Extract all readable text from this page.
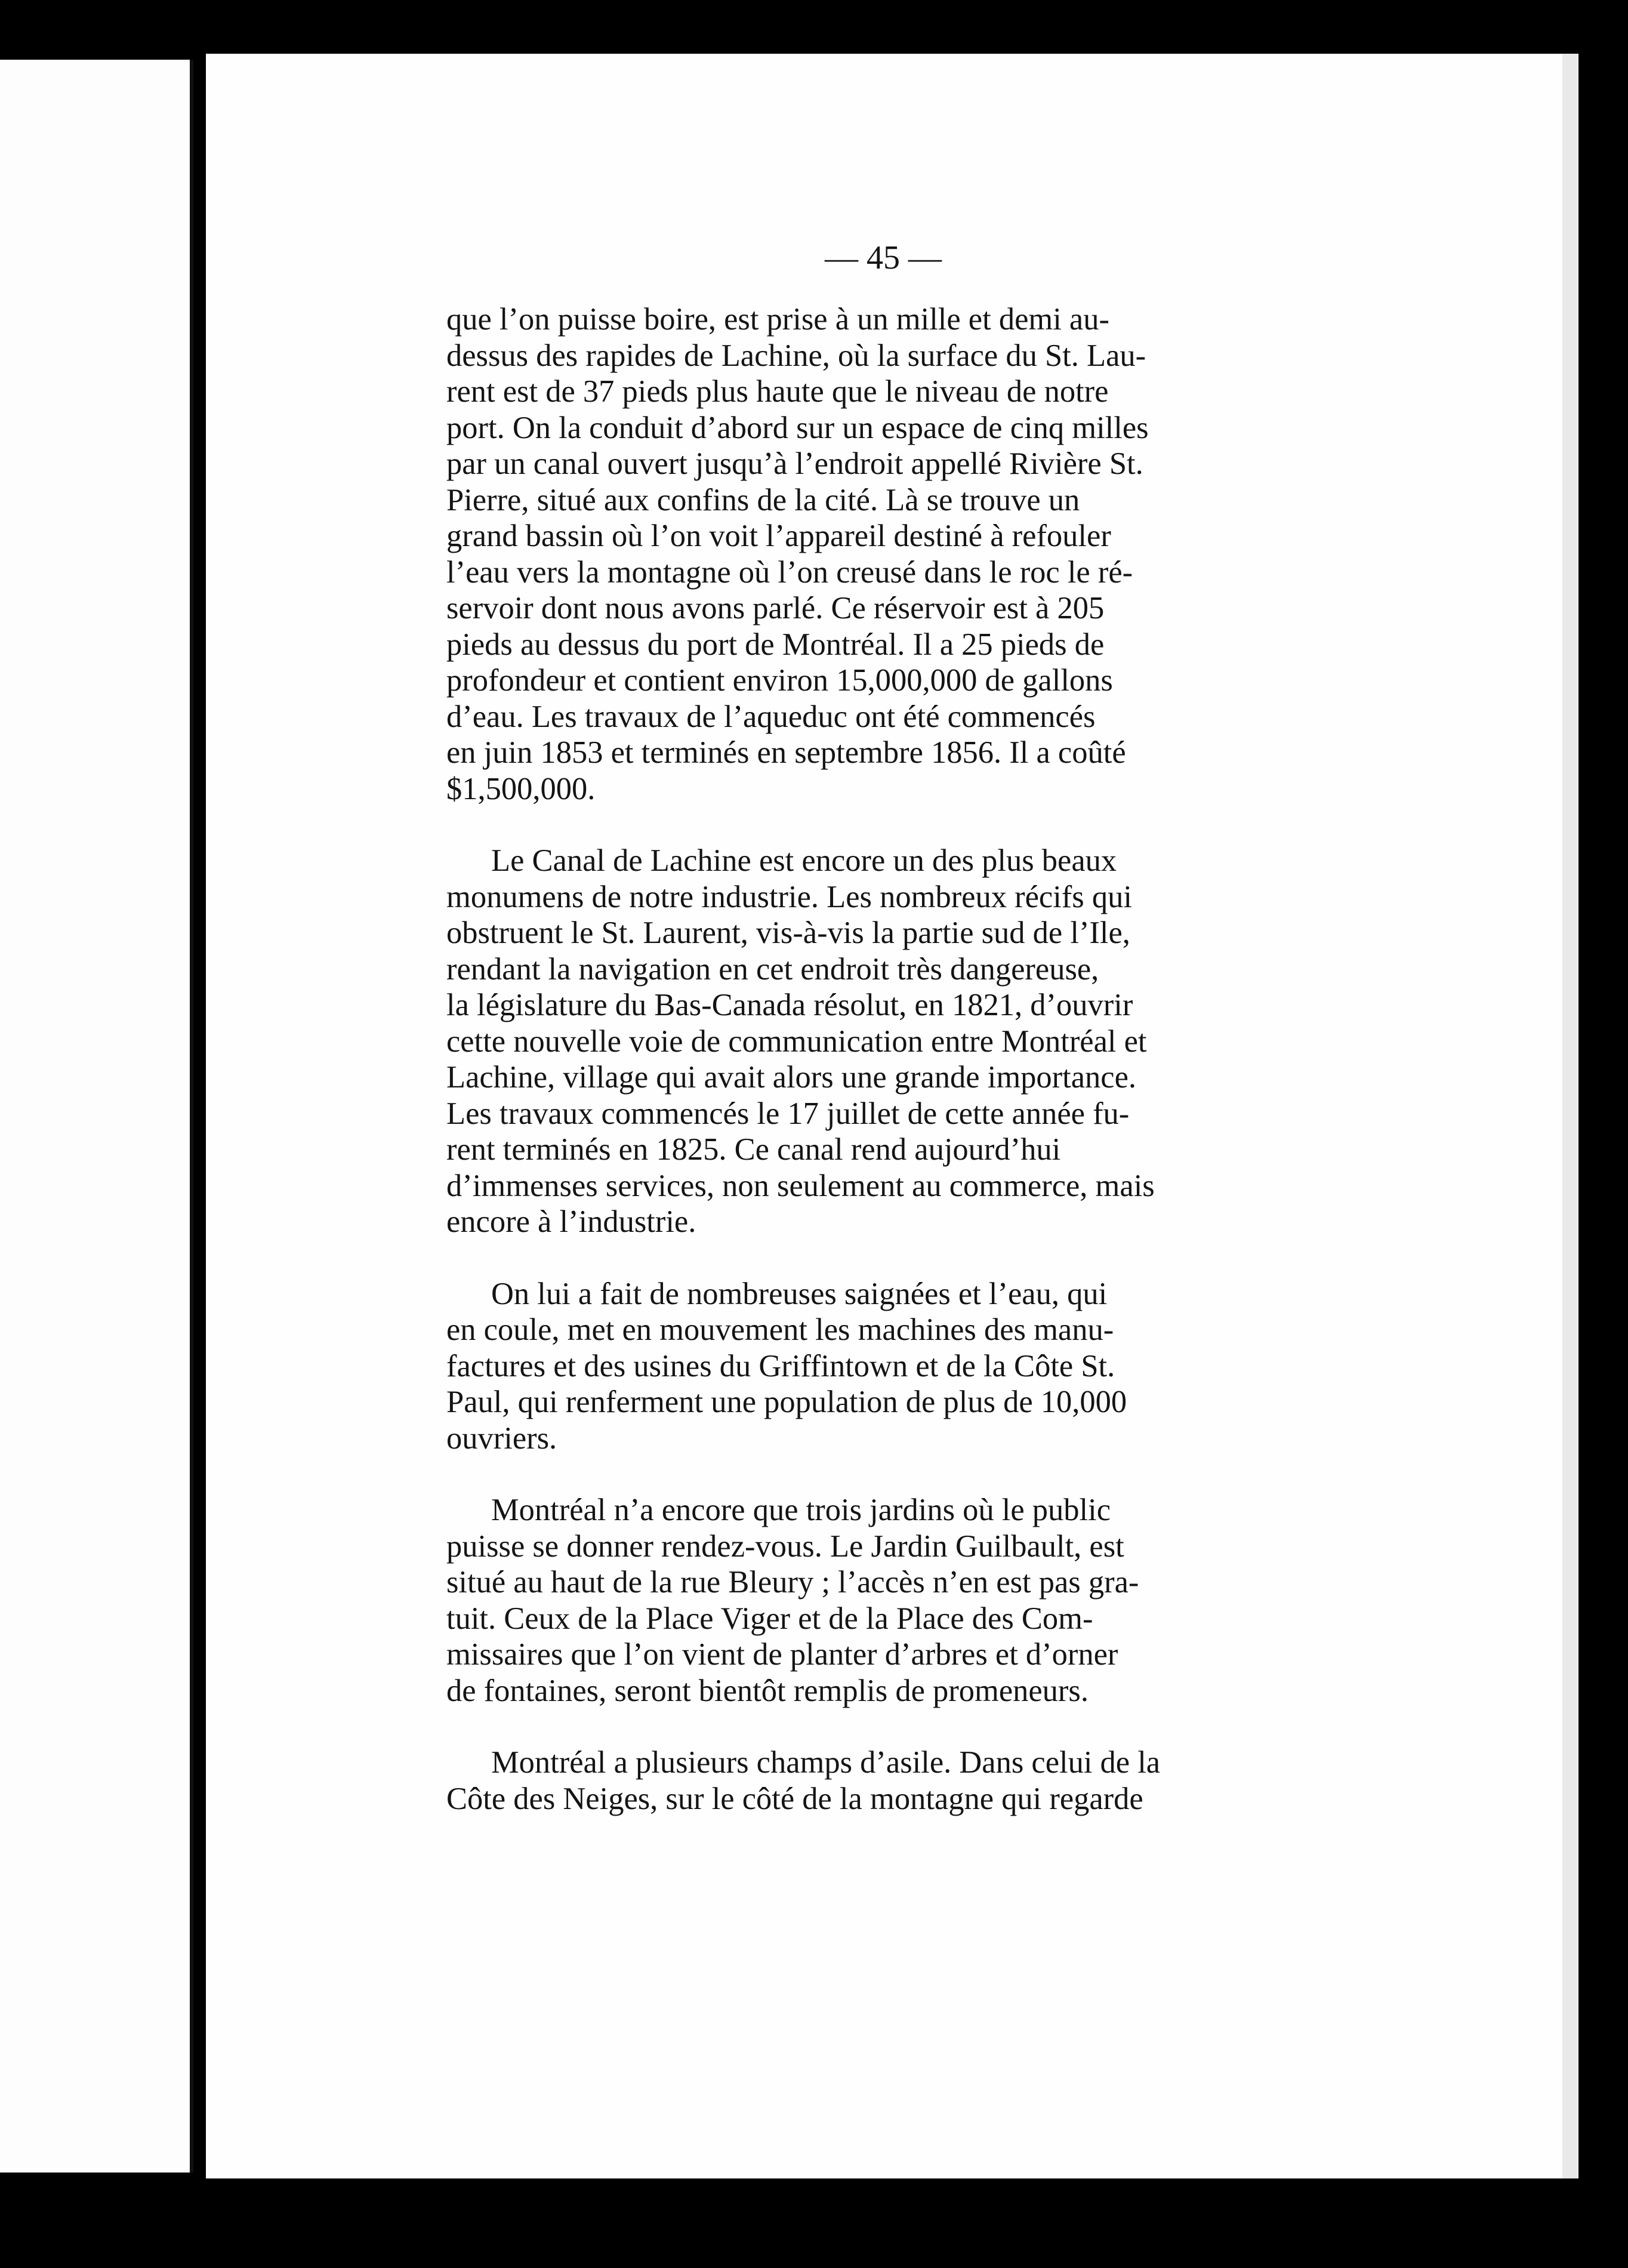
— 45 —

que l’on puisse boire, est prise à un mille et demi au-
dessus des rapides de Lachine, où la surface du St. Lau-
rent est de 37 pieds plus haute que le niveau de notre
port. On la conduit d’abord sur un espace de cinq milles
par un canal ouvert jusqu’à l’endroit appellé Rivière St.
Pierre, situé aux confins de la cité. Là se trouve un
grand bassin où l’on voit l’appareil destiné à refouler
l’eau vers la montagne où l’on creusé dans le roc le ré-
servoir dont nous avons parlé. Ce réservoir est à 205
pieds au dessus du port de Montréal. Il a 25 pieds de
profondeur et contient environ 15,000,000 de gallons
d’eau. Les travaux de l’aqueduc ont été commencés
en juin 1853 et terminés en septembre 1856. Il a coûté
$1,500,000.

Le Canal de Lachine est encore un des plus beaux
monumens de notre industrie. Les nombreux récifs qui
obstruent le St. Laurent, vis-à-vis la partie sud de l’Ile,
rendant la navigation en cet endroit très dangereuse,
la législature du Bas-Canada résolut, en 1821, d’ouvrir
cette nouvelle voie de communication entre Montréal et
Lachine, village qui avait alors une grande importance.
Les travaux commencés le 17 juillet de cette année fu-
rent terminés en 1825. Ce canal rend aujourd’hui
d’immenses services, non seulement au commerce, mais
encore à l’industrie.

On lui a fait de nombreuses saignées et l’eau, qui
en coule, met en mouvement les machines des manu-
factures et des usines du Griffintown et de la Côte St.
Paul, qui renferment une population de plus de 10,000
ouvriers.

Montréal n’a encore que trois jardins où le public
puisse se donner rendez-vous. Le Jardin Guilbault, est
situé au haut de la rue Bleury ; l’accès n’en est pas gra-
tuit. Ceux de la Place Viger et de la Place des Com-
missaires que l’on vient de planter d’arbres et d’orner
de fontaines, seront bientôt remplis de promeneurs.

Montréal a plusieurs champs d’asile. Dans celui de la
Côte des Neiges, sur le côté de la montagne qui regarde
